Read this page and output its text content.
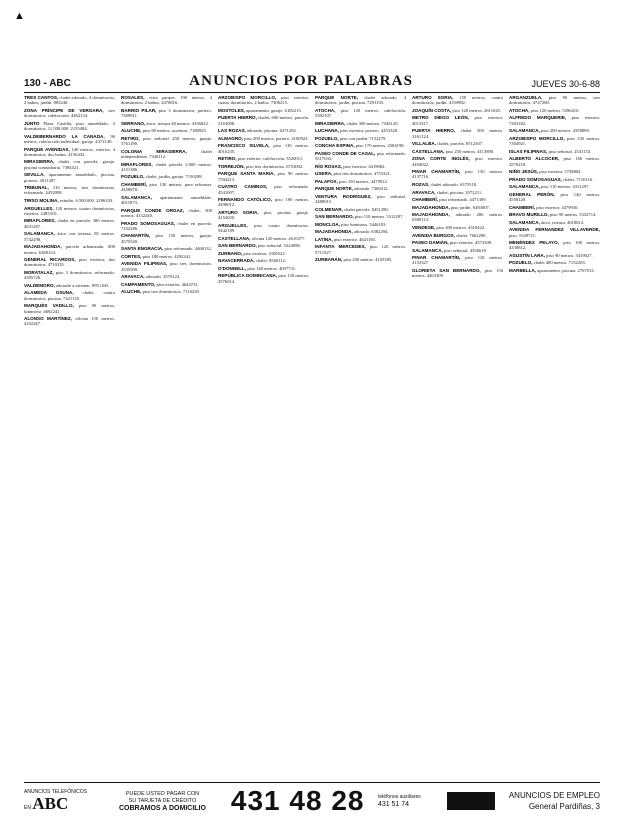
▲
130 - ABC	ANUNCIOS POR PALABRAS	JUEVES 30-6-88

TRES CANTOS, chalet adosado, 4 dormitorios, 2 baños, jardín. 805240.

ZONA PRÍNCIPE DE VERGARA, tres dormitorios, calefacción. 4462134.

JUNTO Plaza Castilla, piso amueblado, 3 dormitorios, 11.500.000. 2155484.

VALDEBERNARDO LA CANADA, 90 metros, calefacción individual, garaje. 4372140.

PARQUE AVENIDAS, 140 metros, exterior, 4 dormitorios, dos baños. 4156432.

MIRASIERRA, chalet con parcela, garaje, piscina comunitaria. 7394521.

SEVILLA, apartamento amueblado, piscina, portero. 4011287.

TRIBUNAL, 110 metros, tres dormitorios, reformado. 4452098.

TIRSO MOLINA, estudio, 6.500.000. 2296103.

ARGUELLES, 120 metros, cuatro dormitorios, exterior. 2485310.

MIRAFLORES, chalet en parcela, 300 metros. 4031287.

SALAMANCA, ático con terraza, 85 metros. 5742298.

MAJADAHONDA, parcela urbanizada, 800 metros. 6380124.

GENERAL RICARDOS, piso exterior, dos dormitorios. 4710335.

MORATALAZ, piso 3 dormitorios, reformado. 4395726.

VALDEMORO, adosado a estrenar. 8951160.

ALAMEDA OSUNA, chalet, cuatro dormitorios, piscina. 7421135.

MARQUÉS VADILLO, piso 90 metros, luminoso. 4692241.

ALONSO MARTÍNEZ, oficina 150 metros. 4102267.

ROSALES, vista parque, 190 metros, 4 dormitorios, 2 baños. 2478816.

BARRIO PILAR, piso 3 dormitorios, portero. 7309811.

SERRANO, ático, terraza 40 metros. 4356022.

ALUCHE, piso 80 metros, ascensor. 7180925.

RETIRO, piso señorial 250 metros, garaje. 5761290.

COLONIA MIRASIERRA,	chalet independiente. 7340112.

MIRAFLORES, chalet parcela 2.000 metros. 4151386.

POZUELO, chalet, jardín, garaje. 7150298.

CHAMBERÍ, piso 130 metros, para reformar. 4458870.

SALAMANCA, apartamento amueblado. 4011873.

PARQUE CONDE ORGAZ, chalet, 500 metros. 4132240.

PRADO SOMOSAGUAS, chalet en parcela. 7152286.

CHAMARTÍN, piso 150 metros, garaje. 4575520.

SANTA ENGRACIA, piso reformado. 4468132.

CORTES, piso 180 metros. 4292241.

AVENIDA FILIPINAS, piso tres dormitorios. 2535509.

ARAVACA, adosado. 3570124.

CAMPAMENTO, piso exterior. 4644731.

ALUCHE, piso tres dormitorios. 7110239.

ARZOBISPO MORCILLO, piso exterior, cuatro dormitorios, 2 baños. 7306215.

MOSTOLES, apartamento, garaje. 6182213.

PUERTA HIERRO, chalet, 600 metros, parcela. 3163098.

LAS ROZAS, adosado, piscina. 6371294.

ALMAGRO, piso 200 metros, portero. 4100922.

FRANCISCO SILVELA, piso 110 metros. 4016235.

RETIRO, piso exterior, calefacción. 5520011.

TORREJÓN, piso tres dormitorios. 6753092.

PARQUE SANTA MARIA, piso 90 metros. 7594213.

CUATRO CAMINOS, piso reformado. 4541007.

FERNANDO CATÓLICO, piso 100 metros. 4498012.

ARTURO SORIA, piso, piscina, garaje. 4154020.

ARGUELLES, piso cuatro dormitorios. 5442189.

CASTELLANA, oficina 120 metros. 2610377.

SAN BERNARDO, piso señorial. 5224098.

ZURBANO, piso exterior. 4106522.

NAVACERRADA, chalet. 8560112.

O'DONNELL, piso 140 metros. 4097731.

REPÚBLICA DOMINICANA, piso 130 metros. 4576014.

PARQUE NORTE, chalet adosado, 4 dormitorios, jardín, piscina. 7291135.

ATOCHA, piso 120 metros, calefacción. 5392107.

MIRASIERRA, chalet 300 metros. 7346120.

LUCHANA, piso exterior, portero. 4453328.

POZUELO, piso con jardín. 7152279.

CONCHA ESPINA, piso 170 metros. 2504198.

PASEO CONDE DE CASAL, piso reformado. 5517633.

RÍO ROSAS, piso exterior. 4419082.

USERA, piso tres dormitorios. 4755321.

PALAFOX, piso 150 metros. 4479012.

PARQUE NORTE, adosado. 7306412.

VENTURA RODRÍGUEZ, piso señorial. 2488015.

COLMENAR, chalet parcela. 8451290.

SAN BERNARDO, piso 110 metros. 5312297.

MONCLOA, piso luminoso. 5446103.

MAJADAHONDA, adosado. 6382294.

LATINA, piso exterior. 4641183.

INFANTA MERCEDES, piso 120 metros. 5711027.

ZURBARÁN, piso 200 metros. 4103385.

ARTURO SORIA, 150 metros, cuatro dormitorios, jardín. 4150982.

JOAQUÍN COSTA, piso 120 metros. 2611045.

METRO DIEGO LEÓN, piso exterior. 4013317.

PUERTA HIERRO, chalet 500 metros. 3161124.

VILLALBA, chalet, parcela. 8512307.

CASTELLANA, piso 250 metros. 4113890.

ZONA CORTE INGLÉS, piso exterior. 4494022.

PINAR CHAMARTÍN, piso 130 metros. 4137716.

ROZAS, chalet adosado. 6375518.

ARAVACA, chalet, piscina. 3572211.

CHAMBERÍ, piso reformado. 4471309.

MAJADAHONDA, piso jardín. 6383007.

MAJADAHONDA, adosado 200 metros. 6389114.

VENDESE, piso 200 metros. 4318422.

AVENIDA BURGOS, chalet. 7662290.

PASEO DAMIÁN, piso exterior. 4573309.

SALAMANCA, piso señorial. 4356618.

PINAR CHAMARTÍN, piso 110 metros. 4153327.

GLORIETA SAN BERNARDO, piso 150 metros. 4463309.

ARGANZUELA, piso 90 metros, tres dormitorios. 4747280.

ATOCHA, piso 120 metros. 5396410.

ALFREDO MARQUERIE, piso exterior. 7303182.

SALAMANCA, piso 200 metros. 4358800.

ARZOBISPO MORCILLO, piso 130 metros. 7304921.

ISLAS FILIPINAS, piso señorial. 2541133.

ALBERTO ALCOCER, piso 160 metros. 4570218.

NIÑO JESÚS, piso exterior. 5738804.

PRADO SOMOSAGUAS, chalet. 7150116.

SALAMANCA, piso 110 metros. 4311297.

GENERAL PERÓN, piso 140 metros. 4558120.

CHAMBERÍ, piso exterior. 4479930.

BRAVO MURILLO, piso 90 metros. 5332714.

SALAMANCA, ático, terraza. 4018812.

AVENIDA FERNANDEZ VILLAVERDE, piso. 5349721.

MENÉNDEZ PELAYO, piso 100 metros. 4330812.

AGUSTÍN LARA, piso 90 metros. 5419027.

POZUELO, chalet 400 metros. 7152203.

MARBELLA, apartamento, piscina. 2767013.

ANUNCIOS TELEFÓNICOS
EN ABC
PUEDE USTED PAGAR CON
SU TARJETA DE CRÉDITO
COBRAMOS A DOMICILIO 431 48 28	teléfonos auxiliares
431 51 74
ANUNCIOS DE EMPLEO
General Pardiñas, 3
